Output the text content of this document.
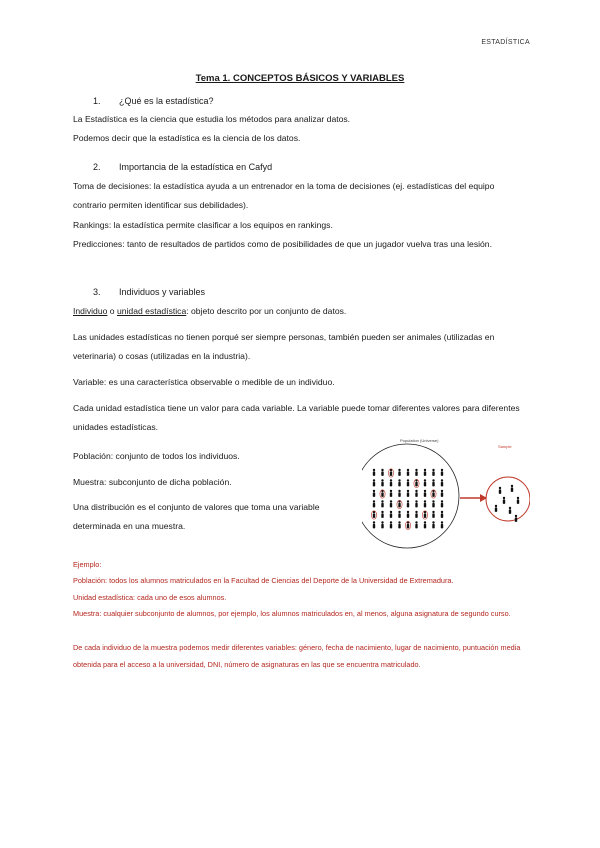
ESTADÍSTICA
Tema 1. CONCEPTOS BÁSICOS Y VARIABLES
1. ¿Qué es la estadística?
La Estadística es la ciencia que estudia los métodos para analizar datos.
Podemos decir que la estadística es la ciencia de los datos.
2. Importancia de la estadística en Cafyd
Toma de decisiones: la estadística ayuda a un entrenador en la toma de decisiones (ej. estadísticas del equipo contrario permiten identificar sus debilidades).
Rankings: la estadística permite clasificar a los equipos en rankings.
Predicciones: tanto de resultados de partidos como de posibilidades de que un jugador vuelva tras una lesión.
3. Individuos y variables
Individuo o unidad estadística: objeto descrito por un conjunto de datos.
Las unidades estadísticas no tienen porqué ser siempre personas, también pueden ser animales (utilizadas en veterinaria) o cosas (utilizadas en la industria).
Variable: es una característica observable o medible de un individuo.
Cada unidad estadística tiene un valor para cada variable. La variable puede tomar diferentes valores para diferentes unidades estadísticas.
Población: conjunto de todos los individuos.
Muestra: subconjunto de dicha población.
Una distribución es el conjunto de valores que toma una variable determinada en una muestra.
Ejemplo:
Población: todos los alumnos matriculados en la Facultad de Ciencias del Deporte de la Universidad de Extremadura.
Unidad estadística: cada uno de esos alumnos.
Muestra: cualquier subconjunto de alumnos, por ejemplo, los alumnos matriculados en, al menos, alguna asignatura de segundo curso.
De cada individuo de la muestra podemos medir diferentes variables: género, fecha de nacimiento, lugar de nacimiento, puntuación media obtenida para el acceso a la universidad, DNI, número de asignaturas en las que se encuentra matriculado.
Population (Universe)
Sample
